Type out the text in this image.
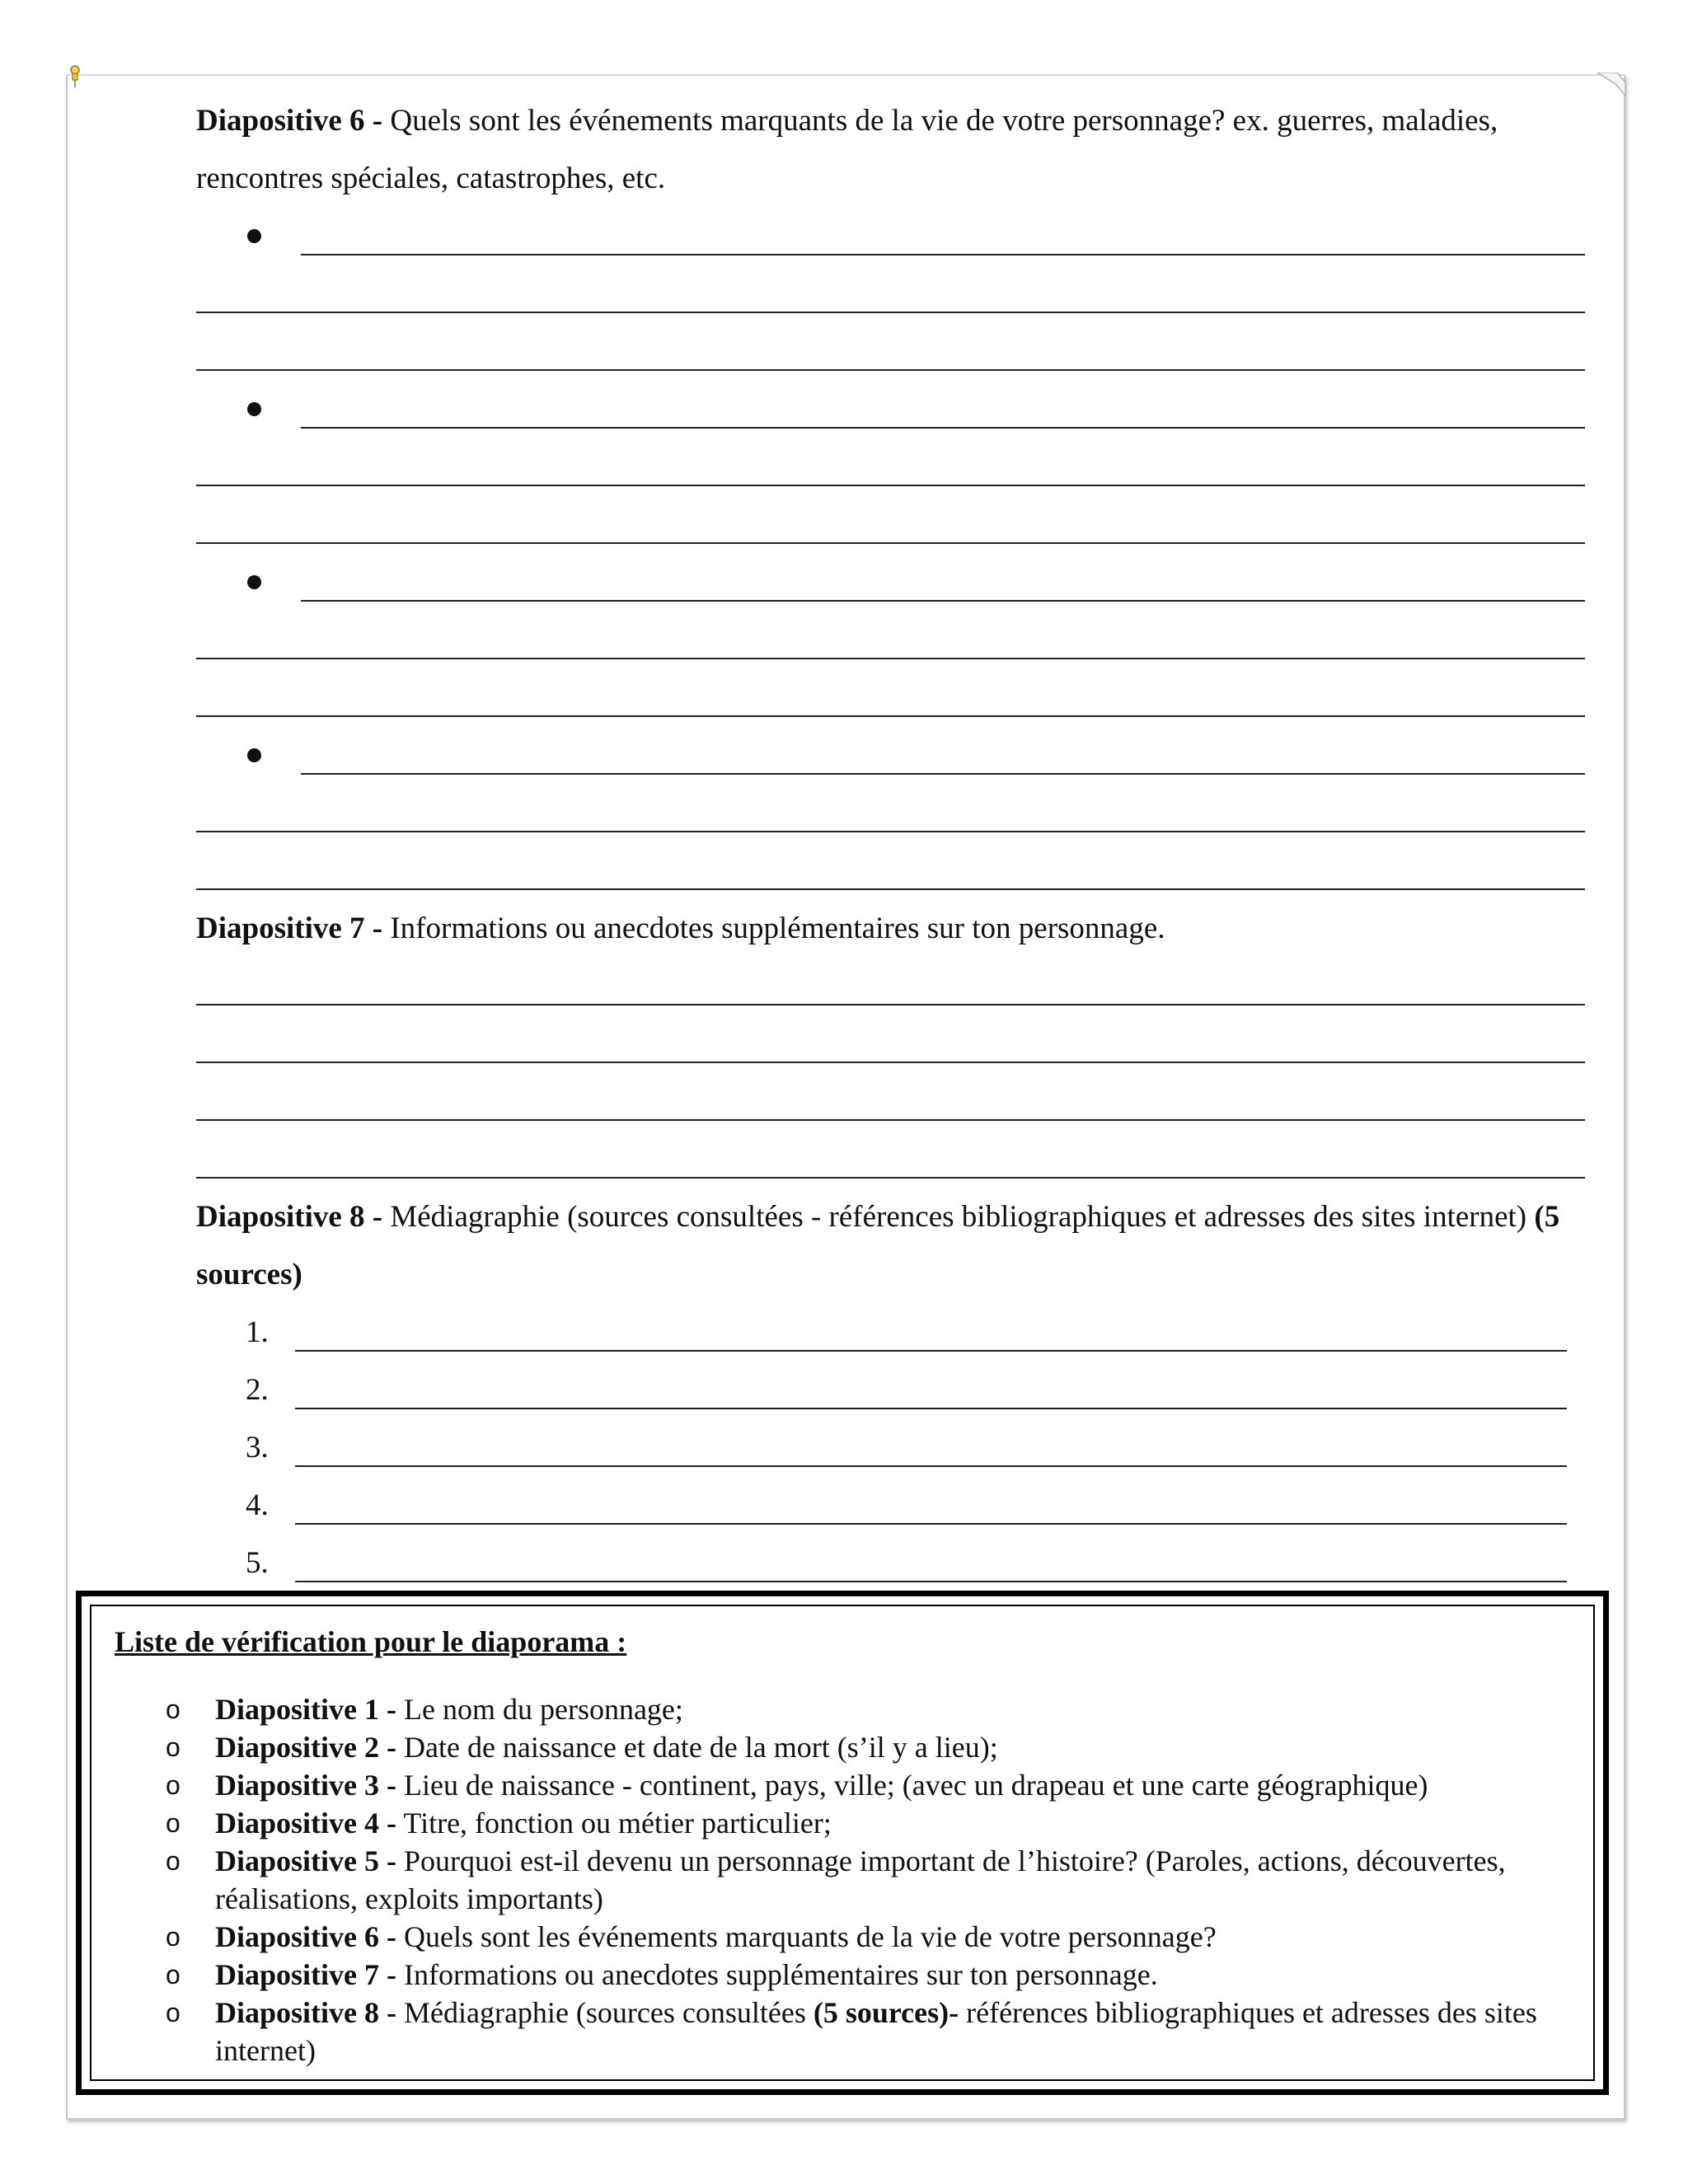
Diapositive 6 - Quels sont les événements marquants de la vie de votre personnage? ex. guerres, maladies, rencontres spéciales, catastrophes, etc.

Diapositive 7 - Informations ou anecdotes supplémentaires sur ton personnage.

Diapositive 8 - Médiagraphie (sources consultées - références bibliographiques et adresses des sites internet) (5 sources)

1.
2.
3.
4.
5.

Liste de vérification pour le diaporama :

o Diapositive 1 - Le nom du personnage;
o Diapositive 2 - Date de naissance et date de la mort (s’il y a lieu);
o Diapositive 3 - Lieu de naissance - continent, pays, ville; (avec un drapeau et une carte géographique)
o Diapositive 4 - Titre, fonction ou métier particulier;
o Diapositive 5 - Pourquoi est-il devenu un personnage important de l’histoire? (Paroles, actions, découvertes, réalisations, exploits importants)
o Diapositive 6 - Quels sont les événements marquants de la vie de votre personnage?
o Diapositive 7 - Informations ou anecdotes supplémentaires sur ton personnage.
o Diapositive 8 - Médiagraphie (sources consultées (5 sources)- références bibliographiques et adresses des sites internet)
